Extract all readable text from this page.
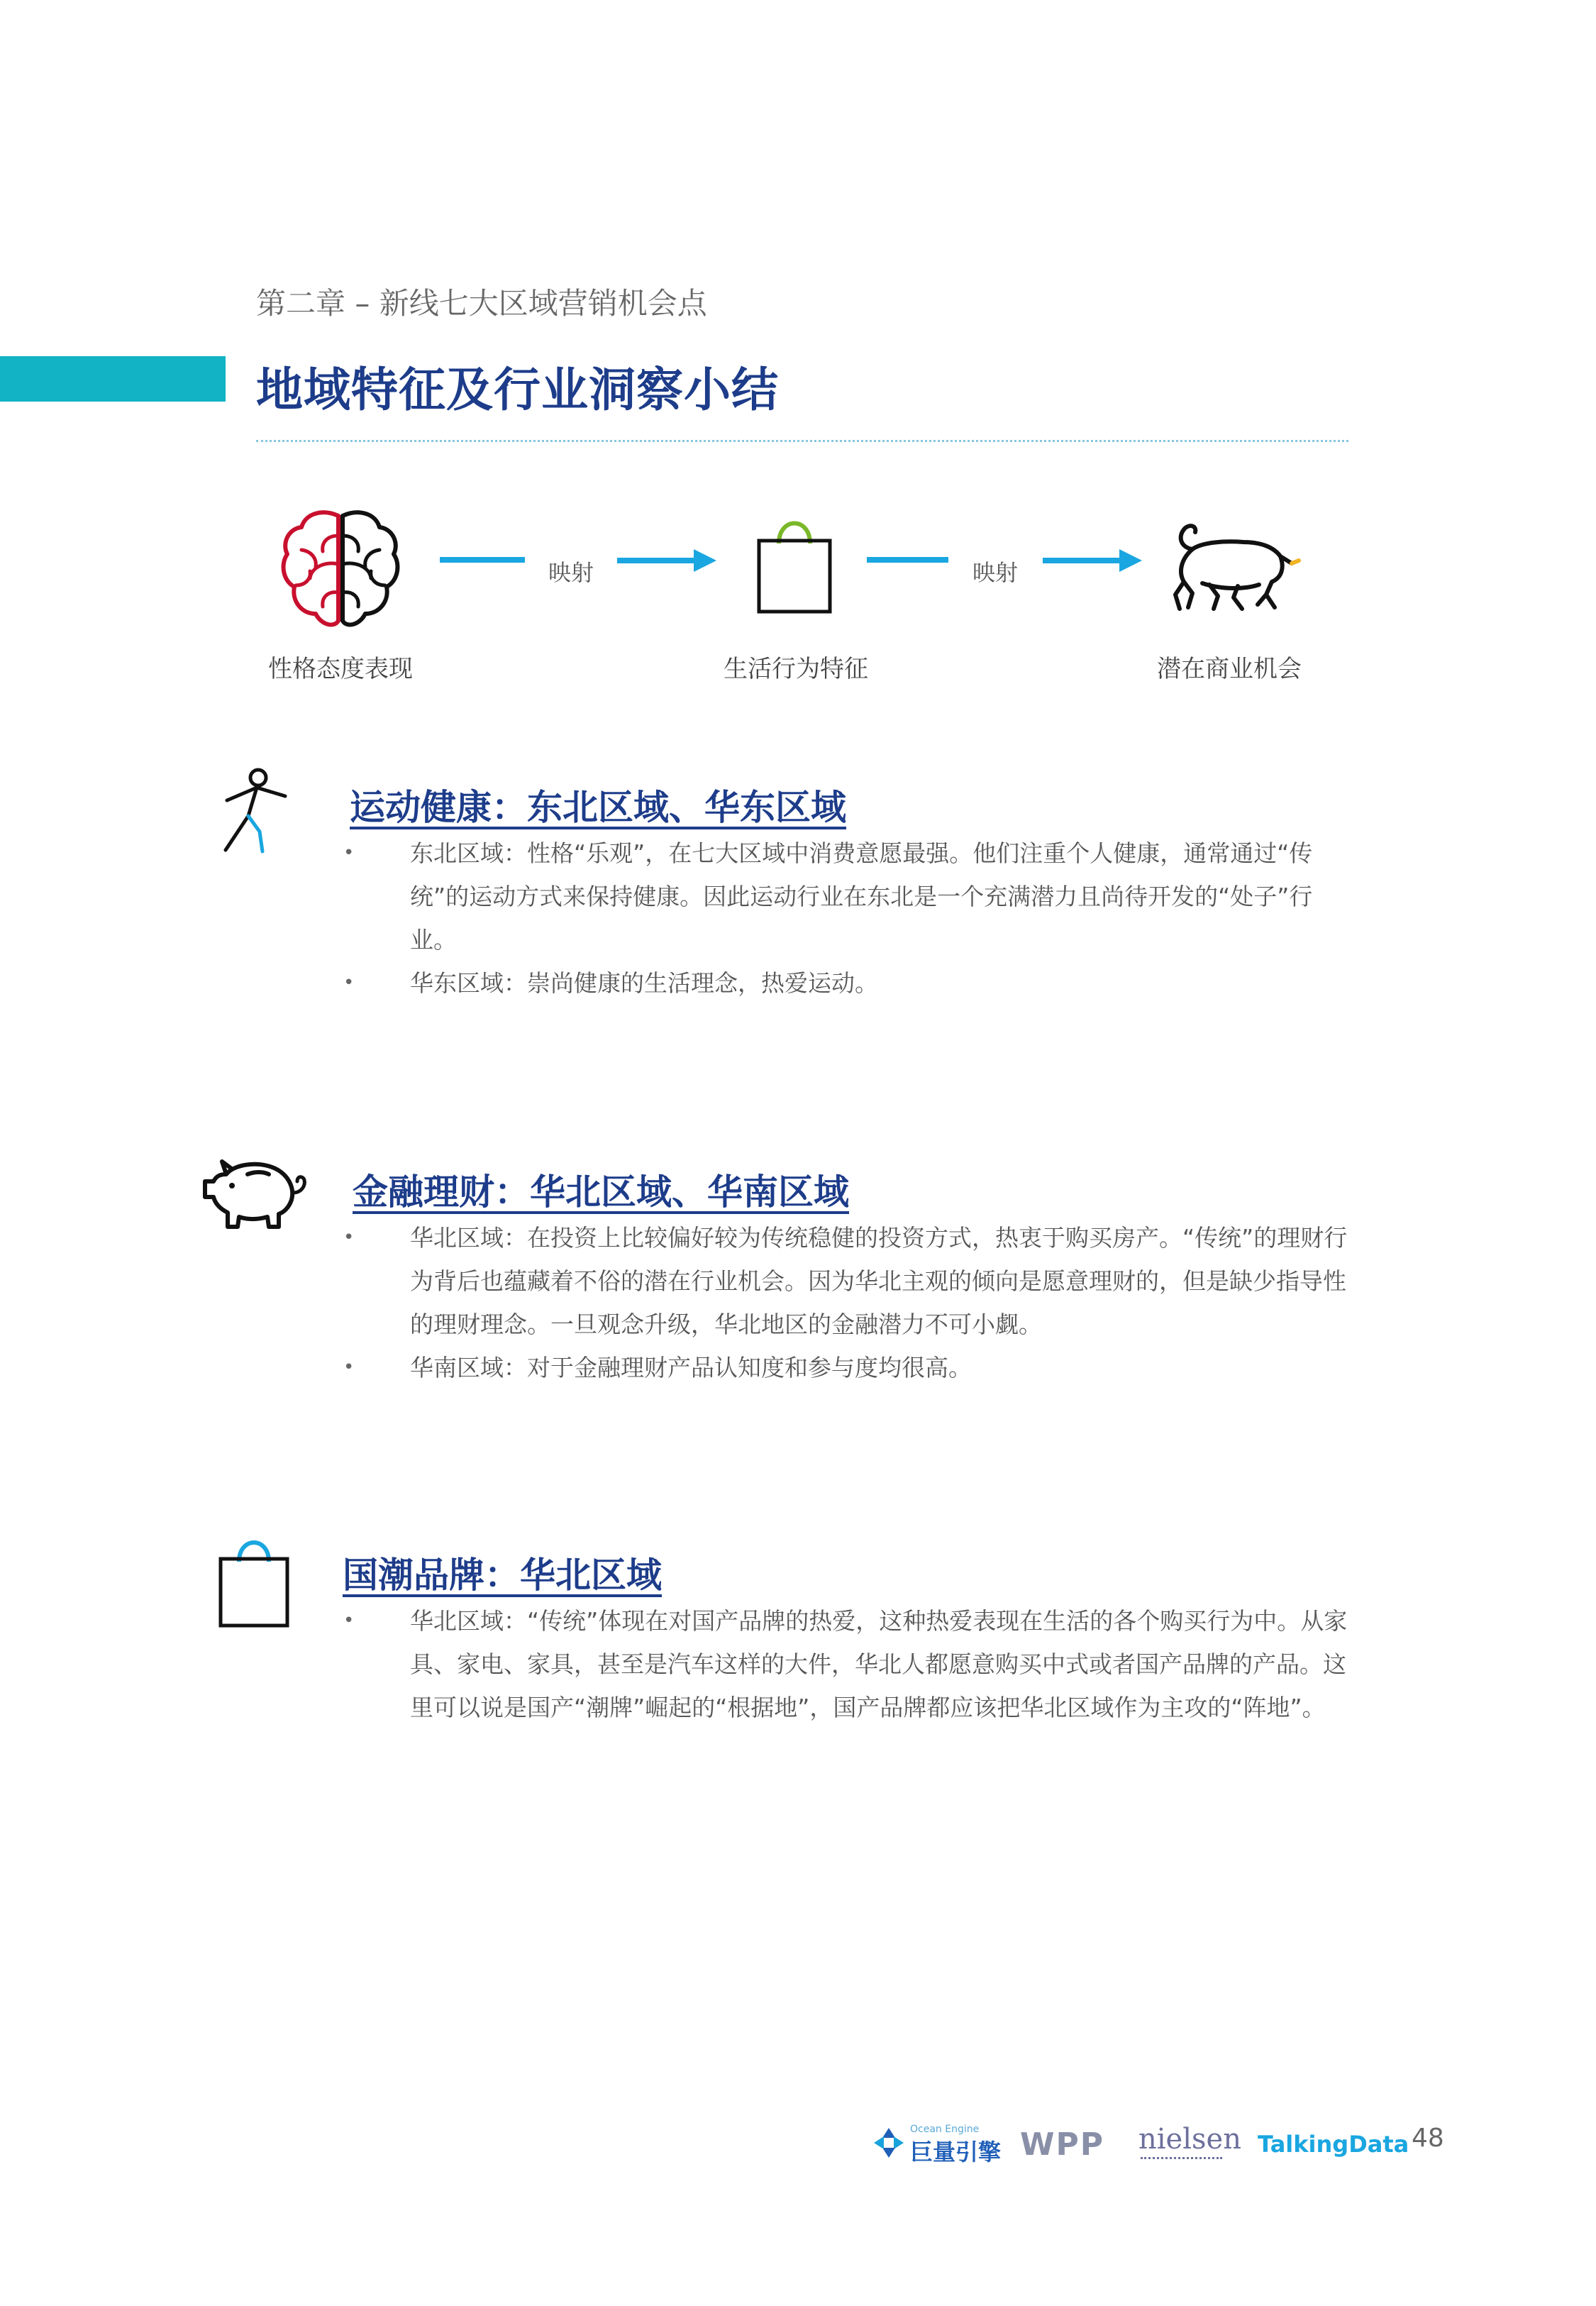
第二章 – 新线七大区域营销机会点
地域特征及行业洞察小结
性格态度表现
映射
生活行为特征
映射
潜在商业机会
运动健康：东北区域、华东区域
• 东北区域：性格“乐观”，在七大区域中消费意愿最强。他们注重个人健康，通常通过“传统”的运动方式来保持健康。因此运动行业在东北是一个充满潜力且尚待开发的“处子”行业。
• 华东区域：崇尚健康的生活理念，热爱运动。
金融理财：华北区域、华南区域
• 华北区域：在投资上比较偏好较为传统稳健的投资方式，热衷于购买房产。“传统”的理财行为背后也蕴藏着不俗的潜在行业机会。因为华北主观的倾向是愿意理财的，但是缺少指导性的理财理念。一旦观念升级，华北地区的金融潜力不可小觑。
• 华南区域：对于金融理财产品认知度和参与度均很高。
国潮品牌：华北区域
• 华北区域：“传统”体现在对国产品牌的热爱，这种热爱表现在生活的各个购买行为中。从家具、家电、家具，甚至是汽车这样的大件，华北人都愿意购买中式或者国产品牌的产品。这里可以说是国产“潮牌”崛起的“根据地”，国产品牌都应该把华北区域作为主攻的“阵地”。
Ocean Engine
巨量引擎 WPP nielsen TalkingData 48
